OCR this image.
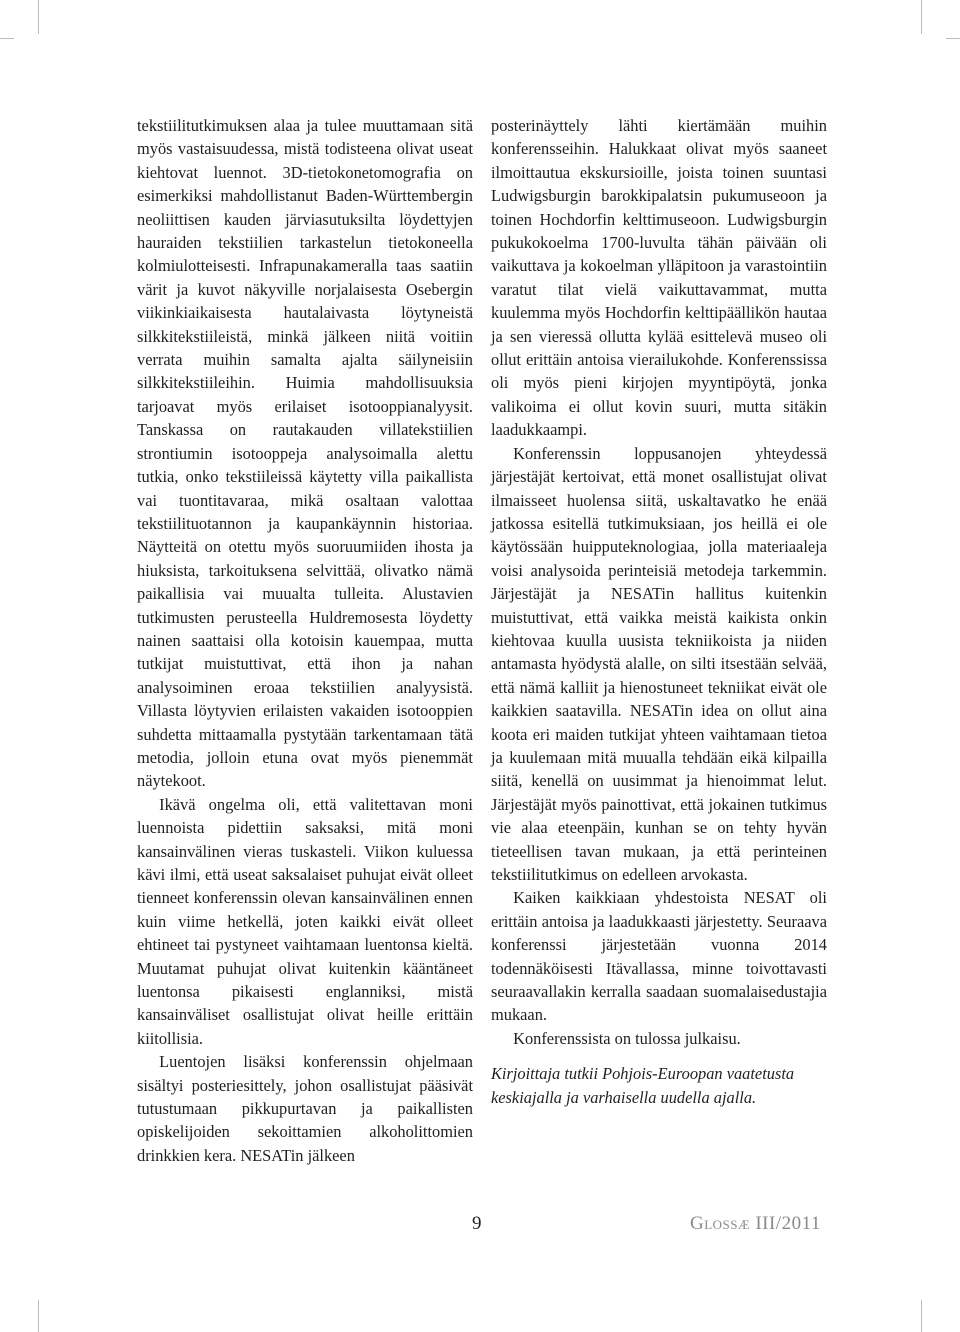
tekstiilitutkimuksen alaa ja tulee muuttamaan sitä myös vastaisuudessa, mistä todisteena olivat useat kiehtovat luennot. 3D-tietokonetomografia on esimerkiksi mahdollistanut Baden-Württembergin neoliittisen kauden järviasutuksilta löydettyjen hauraiden tekstiilien tarkastelun tietokoneella kolmiulotteisesti. Infrapunakameralla taas saatiin värit ja kuvot näkyville norjalaisesta Osebergin viikinkiaikaisesta hautalaivasta löytyneistä silkkitekstiileistä, minkä jälkeen niitä voitiin verrata muihin samalta ajalta säilyneisiin silkkitekstiileihin. Huimia mahdollisuuksia tarjoavat myös erilaiset isotooppianalyysit. Tanskassa on rautakauden villatekstiilien strontiumin isotooppeja analysoimalla alettu tutkia, onko tekstiileissä käytetty villa paikallista vai tuontitavaraa, mikä osaltaan valottaa tekstiilituotannon ja kaupankäynnin historiaa. Näytteitä on otettu myös suoruumiiden ihosta ja hiuksista, tarkoituksena selvittää, olivatko nämä paikallisia vai muualta tulleita. Alustavien tutkimusten perusteella Huldremosesta löydetty nainen saattaisi olla kotoisin kauempaa, mutta tutkijat muistuttivat, että ihon ja nahan analysoiminen eroaa tekstiilien analyysistä. Villasta löytyvien erilaisten vakaiden isotooppien suhdetta mittaamalla pystytään tarkentamaan tätä metodia, jolloin etuna ovat myös pienemmät näytekoot.

Ikävä ongelma oli, että valitettavan moni luennoista pidettiin saksaksi, mitä moni kansainvälinen vieras tuskasteli. Viikon kuluessa kävi ilmi, että useat saksalaiset puhujat eivät olleet tienneet konferenssin olevan kansainvälinen ennen kuin viime hetkellä, joten kaikki eivät olleet ehtineet tai pystyneet vaihtamaan luentonsa kieltä. Muutamat puhujat olivat kuitenkin kääntäneet luentonsa pikaisesti englanniksi, mistä kansainväliset osallistujat olivat heille erittäin kiitollisia.

Luentojen lisäksi konferenssin ohjelmaan sisältyi posteriesittely, johon osallistujat pääsivät tutustumaan pikkupurtavan ja paikallisten opiskelijoiden sekoittamien alkoholittomien drinkkien kera. NESATin jälkeen

posterinäyttely lähti kiertämään muihin konferensseihin. Halukkaat olivat myös saaneet ilmoittautua ekskursioille, joista toinen suuntasi Ludwigsburgin barokkipalatsin pukumuseoon ja toinen Hochdorfin kelttimuseoon. Ludwigsburgin pukukokoelma 1700-luvulta tähän päivään oli vaikuttava ja kokoelman ylläpitoon ja varastointiin varatut tilat vielä vaikuttavammat, mutta kuulemma myös Hochdorfin kelttipäällikön hautaa ja sen vieressä ollutta kylää esittelevä museo oli ollut erittäin antoisa vierailukohde. Konferenssissa oli myös pieni kirjojen myyntipöytä, jonka valikoima ei ollut kovin suuri, mutta sitäkin laadukkaampi.

Konferenssin loppusanojen yhteydessä järjestäjät kertoivat, että monet osallistujat olivat ilmaisseet huolensa siitä, uskaltavatko he enää jatkossa esitellä tutkimuksiaan, jos heillä ei ole käytössään huipputeknologiaa, jolla materiaaleja voisi analysoida perinteisiä metodeja tarkemmin. Järjestäjät ja NESATin hallitus kuitenkin muistuttivat, että vaikka meistä kaikista onkin kiehtovaa kuulla uusista tekniikoista ja niiden antamasta hyödystä alalle, on silti itsestään selvää, että nämä kalliit ja hienostuneet tekniikat eivät ole kaikkien saatavilla. NESATin idea on ollut aina koota eri maiden tutkijat yhteen vaihtamaan tietoa ja kuulemaan mitä muualla tehdään eikä kilpailla siitä, kenellä on uusimmat ja hienoimmat lelut. Järjestäjät myös painottivat, että jokainen tutkimus vie alaa eteenpäin, kunhan se on tehty hyvän tieteellisen tavan mukaan, ja että perinteinen tekstiilitutkimus on edelleen arvokasta.

Kaiken kaikkiaan yhdestoista NESAT oli erittäin antoisa ja laadukkaasti järjestetty. Seuraava konferenssi järjestetään vuonna 2014 todennäköisesti Itävallassa, minne toivottavasti seuraavallakin kerralla saadaan suomalaisedustajia mukaan.

Konferenssista on tulossa julkaisu.

Kirjoittaja tutkii Pohjois-Euroopan vaatetusta keskiajalla ja varhaisella uudella ajalla.

9	Glossæ III/2011
